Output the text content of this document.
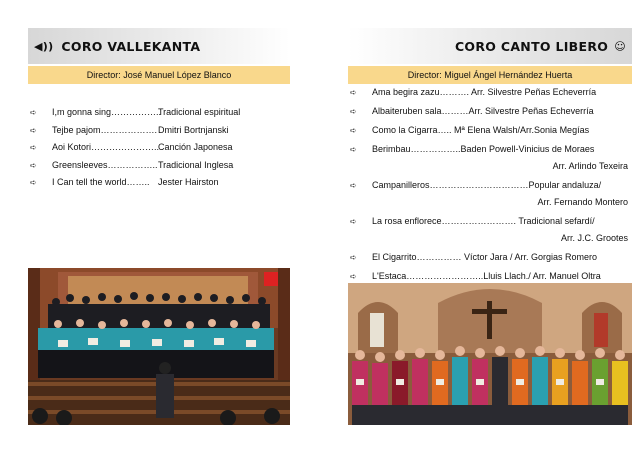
◀)) CORO VALLEKANTA
Director: José Manuel López Blanco
➪	I,m gonna sing……………..
Tradicional espiritual
➪	Tejbe pajom………………. Dmitri Bortnjanski
➪	Aoi Kotori…………………..
Canción Japonesa
➪	Greensleeves…………….. Tradicional Inglesa
➪	I Can tell the world…….. Jester Hairston
CORO CANTO LIBERO ☺
Director: Miguel Ángel Hernández Huerta
➪	Ama begira zazu………. Arr. Silvestre Peñas Echeverría
➪	Albaiteruben sala………Arr. Silvestre Peñas Echeverría
➪	Como la Cigarra….. Mª Elena Walsh/Arr.Sonia Megías
➪	Berimbau……………..Baden Powell-Vinicius de Moraes
Arr. Arlindo Texeira
➪	Campanilleros……………………………Popular andaluza/
Arr. Fernando Montero
➪	La rosa enflorece……………………. Tradicional sefardí/
Arr. J.C. Grootes
➪	El Cigarrito…………… Víctor Jara / Arr. Gorgias Romero
➪	L'Estaca……………………..Lluis Llach./ Arr. Manuel Oltra
